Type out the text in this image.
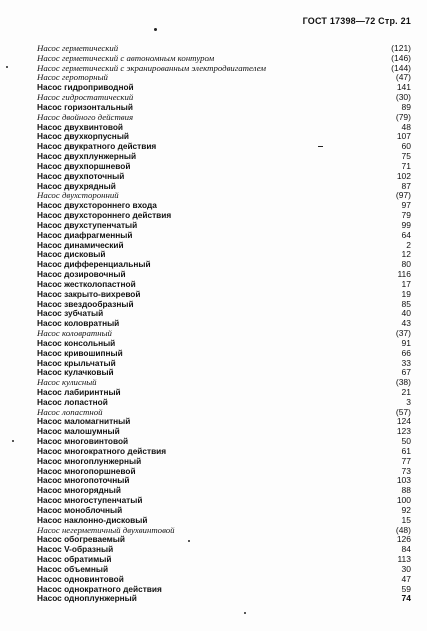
ГОСТ 17398—72 Стр. 21
Насос герметический	(121)
Насос герметический с автономным контуром	(146)
Насос герметический с экранированным электродвигателем	(144)
Насос героторный	(47)
Насос гидроприводной	141
Насос гидростатический	(30)
Насос горизонтальный	89
Насос двойного действия	(79)
Насос двухвинтовой	48
Насос двухкорпусный	107
Насос двукратного действия	60
Насос двухплунжерный	75
Насос двухпоршневой	71
Насос двухпоточный	102
Насос двухрядный	87
Насос двухсторонний	(97)
Насос двухстороннего входа	97
Насос двухстороннего действия	79
Насос двухступенчатый	99
Насос диафрагменный	64
Насос динамический	2
Насос дисковый	12
Насос дифференциальный	80
Насос дозировочный	116
Насос жестколопастной	17
Насос закрыто-вихревой	19
Насос звездообразный	85
Насос зубчатый	40
Насос коловратный	43
Насос коловратный	(37)
Насос консольный	91
Насос кривошипный	66
Насос крыльчатый	33
Насос кулачковый	67
Насос кулисный	(38)
Насос лабиринтный	21
Насос лопастной	3
Насос лопастной	(57)
Насос маломагнитный	124
Насос малошумный	123
Насос многовинтовой	50
Насос многократного действия	61
Насос многоплунжерный	77
Насос многопоршневой	73
Насос многопоточный	103
Насос многорядный	88
Насос многоступенчатый	100
Насос моноблочный	92
Насос наклонно-дисковый	15
Насос негерметичный двухвинтовой	(48)
Насос обогреваемый	126
Насос V-образный	84
Насос обратимый	113
Насос объемный	30
Насос одновинтовой	47
Насос однократного действия	59
Насос одноплунжерный	74
